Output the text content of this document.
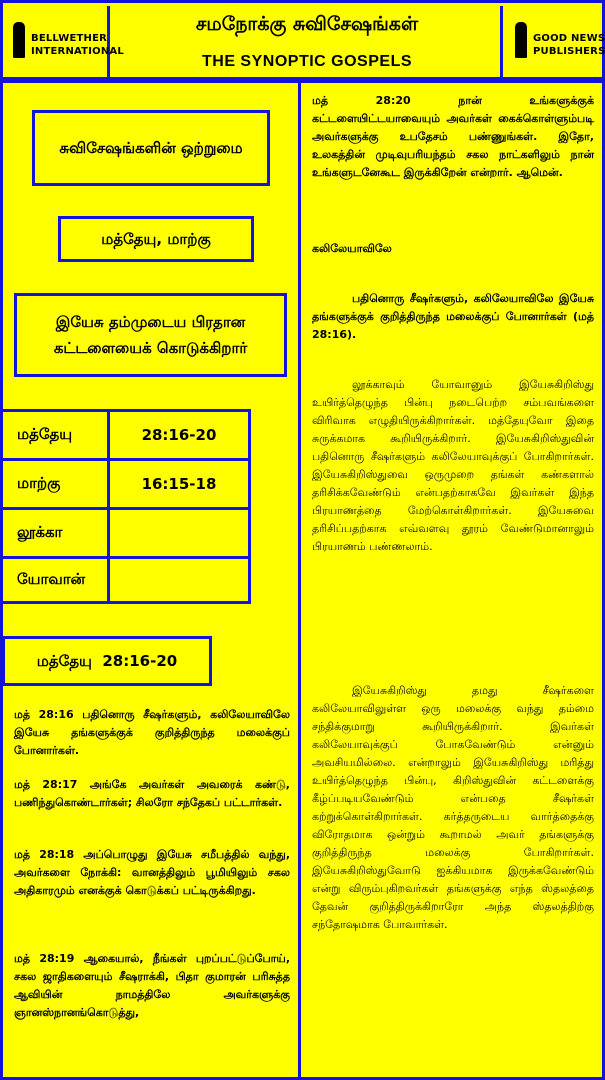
BELLWETHER
INTERNATIONAL
சமநோக்கு சுவிசேஷங்கள்
THE SYNOPTIC GOSPELS
GOOD NEWS
PUBLISHERS
சுவிசேஷங்களின் ஒற்றுமை
மத்தேயு, மாற்கு
இயேசு தம்முடைய பிரதான கட்டளையைக் கொடுக்கிறார்
மத்தேயு	28:16-20
மாற்கு	16:15-18
லூக்கா
யோவான்
மத்தேயு  28:16-20
மத் 28:16 பதினொரு சீஷர்களும், கலிலேயாவிலே இயேசு தங்களுக்குக் குறித்திருந்த மலைக்குப் போனார்கள்.
மத் 28:17 அங்கே அவர்கள் அவரைக் கண்டு, பணிந்துகொண்டார்கள்; சிலரோ சந்தேகப் பட்டார்கள்.
மத் 28:18 அப்பொழுது இயேசு சமீபத்தில் வந்து, அவர்களை நோக்கி: வானத்திலும் பூமியிலும் சகல அதிகாரமும் எனக்குக் கொடுக்கப் பட்டிருக்கிறது.
மத் 28:19 ஆகையால், நீங்கள் புறப்பட்டுப்போய், சகல ஜாதிகளையும் சீஷராக்கி, பிதா குமாரன் பரிசுத்த ஆவியின் நாமத்திலே அவர்களுக்கு ஞானஸ்நானங்கொடுத்து,
மத் 28:20 நான் உங்களுக்குக் கட்டளையிட்டயாவையும் அவர்கள் கைக்கொள்ளும்படி அவர்களுக்கு உபதேசம் பண்ணுங்கள். இதோ, உலகத்தின் முடிவுபரியந்தம் சகல நாட்களிலும் நான் உங்களுடனேகூட இருக்கிறேன் என்றார். ஆமென்.
கலிலேயாவிலே
பதினொரு சீஷர்களும், கலிலேயாவிலே இயேசு தங்களுக்குக் குறித்திருந்த மலைக்குப் போனார்கள் (மத் 28:16).
லூக்காவும் யோவானும் இயேசுகிறிஸ்து உயிர்த்தெழுந்த பின்பு நடைபெற்ற சம்பவங்களை விரிவாக எழுதியிருக்கிறார்கள். மத்தேயுவோ இதை சுருக்கமாக கூறியிருக்கிறார். இயேசுகிறிஸ்துவின் பதினொரு சீஷர்களும் கலிலேயாவுக்குப் போகிறார்கள். இயேசுகிறிஸ்துவை ஒருமுறை தங்கள் கண்களால் தரிசிக்கவேண்டும் என்பதற்காகவே இவர்கள் இந்த பிரயாணத்தை மேற்கொள்கிறார்கள். இயேசுவை தரிசிப்பதற்காக எவ்வளவு தூரம் வேண்டுமானாலும் பிரயாணம் பண்ணலாம்.
இயேசுகிறிஸ்து தமது சீஷர்களை கலிலேயாவிலுள்ள ஒரு மலைக்கு வந்து தம்மை சந்திக்குமாறு கூறியிருக்கிறார். இவர்கள் கலிலேயாவுக்குப் போகவேண்டும் என்னும் அவசியமில்லை. என்றாலும் இயேசுகிறிஸ்து மரித்து உயிர்த்தெழுந்த பின்பு, கிறிஸ்துவின் கட்டளைக்கு கீழ்ப்படியவேண்டும் என்பதை சீஷர்கள் கற்றுக்கொள்கிறார்கள். கர்த்தருடைய வார்த்தைக்கு விரோதமாக ஒன்றும் கூறாமல் அவர் தங்களுக்கு குறித்திருந்த மலைக்கு போகிறார்கள். இயேசுகிறிஸ்துவோடு ஐக்கியமாக இருக்கவேண்டும் என்று விரும்புகிறவர்கள் தங்களுக்கு எந்த ஸ்தலத்தை தேவன் குறித்திருக்கிறாரோ அந்த ஸ்தலத்திற்கு சந்தோஷமாக போவார்கள்.
